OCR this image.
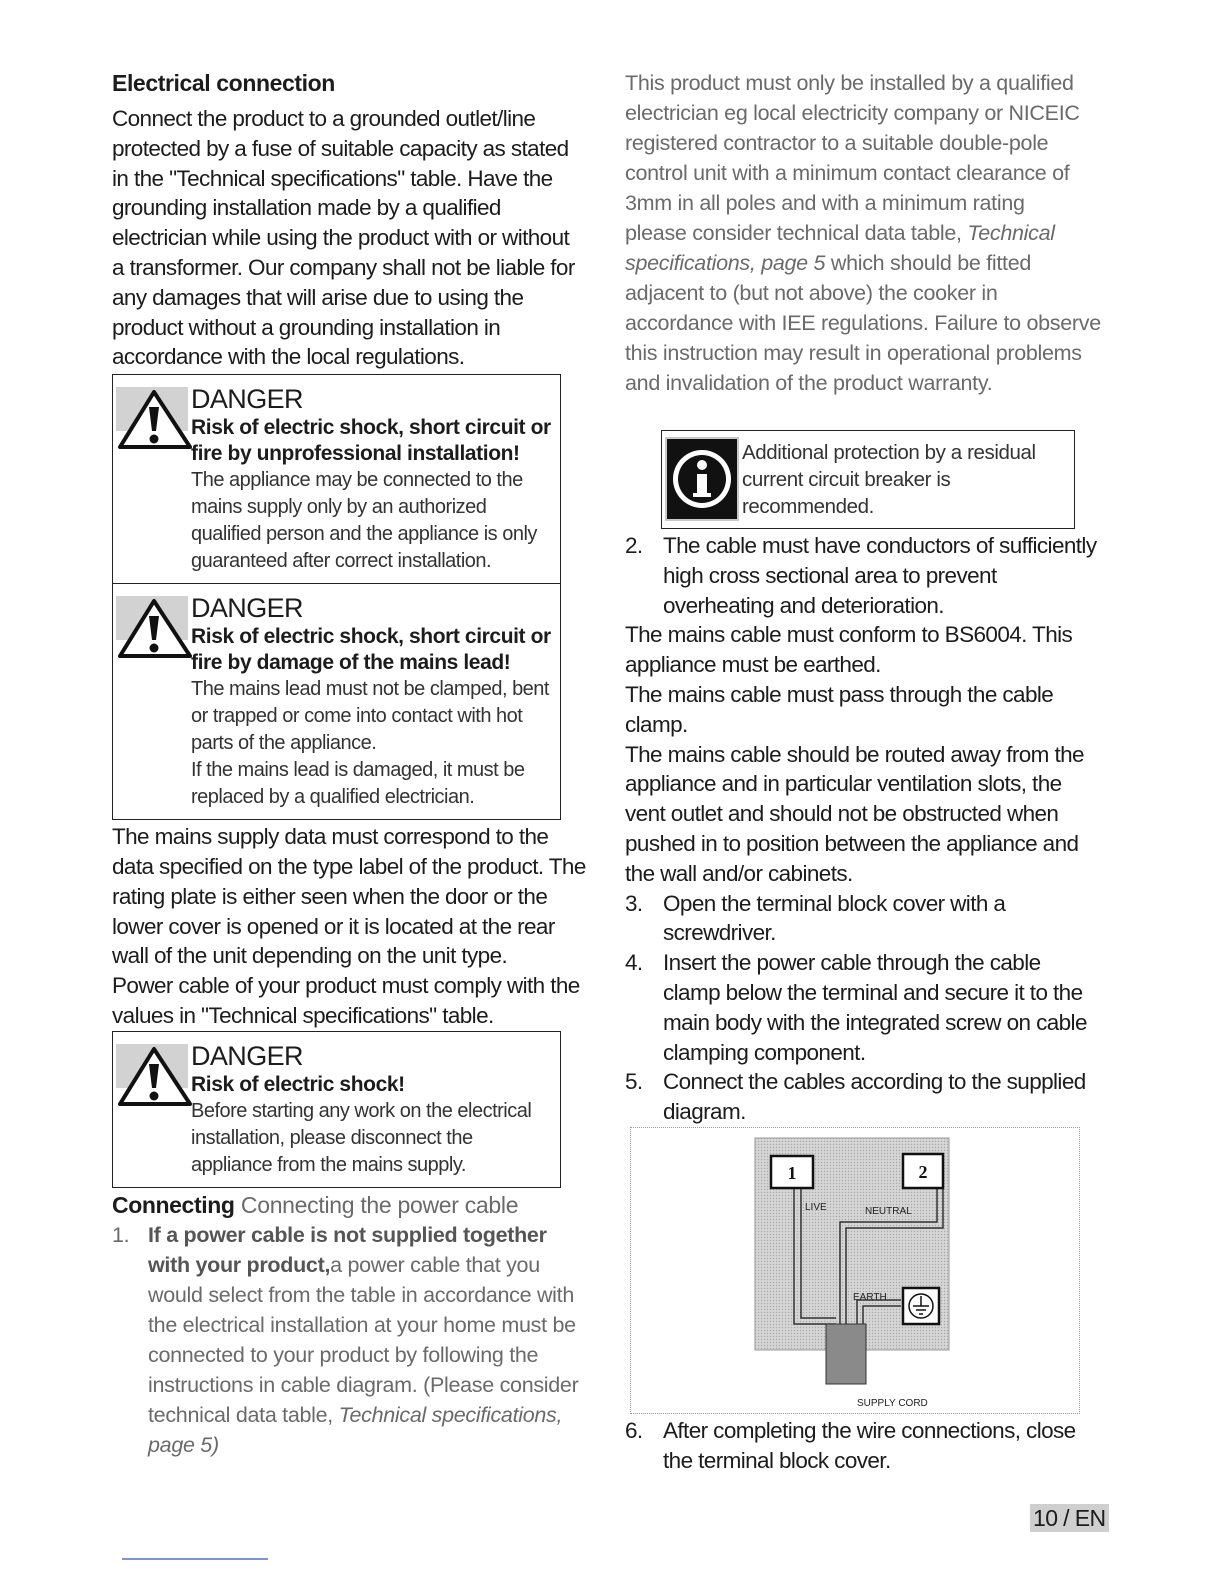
Electrical connection

Connect the product to a grounded outlet/line

protected by a fuse of suitable capacity as stated

in the "Technical specifications" table. Have the

grounding installation made by a qualified

electrician while using the product with or without

a transformer. Our company shall not be liable for

any damages that will arise due to using the

product without a grounding installation in

accordance with the local regulations.

DANGER
Risk of electric shock, short circuit or
fire by unprofessional installation!
The appliance may be connected to the
mains supply only by an authorized
qualified person and the appliance is only
guaranteed after correct installation.
DANGER
Risk of electric shock, short circuit or
fire by damage of the mains lead!
The mains lead must not be clamped, bent
or trapped or come into contact with hot
parts of the appliance.
If the mains lead is damaged, it must be
replaced by a qualified electrician.

The mains supply data must correspond to the

data specified on the type label of the product. The

rating plate is either seen when the door or the

lower cover is opened or it is located at the rear

wall of the unit depending on the unit type.

Power cable of your product must comply with the

values in "Technical specifications" table.

DANGER
Risk of electric shock!
Before starting any work on the electrical
installation, please disconnect the
appliance from the mains supply.
Connecting Connecting the power cable
1. If a power cable is not supplied together
with your product,a power cable that you
would select from the table in accordance with
the electrical installation at your home must be
connected to your product by following the
instructions in cable diagram. (Please consider
technical data table, Technical specifications,
page 5)
This product must only be installed by a qualified
electrician eg local electricity company or NICEIC
registered contractor to a suitable double-pole
control unit with a minimum contact clearance of
3mm in all poles and with a minimum rating
please consider technical data table, Technical
specifications, page 5 which should be fitted
adjacent to (but not above) the cooker in
accordance with IEE regulations. Failure to observe
this instruction may result in operational problems
and invalidation of the product warranty.
Additional protection by a residual
current circuit breaker is
recommended.
2. The cable must have conductors of sufficiently
high cross sectional area to prevent
overheating and deterioration.

The mains cable must conform to BS6004. This

appliance must be earthed.

The mains cable must pass through the cable

clamp.

The mains cable should be routed away from the

appliance and in particular ventilation slots, the

vent outlet and should not be obstructed when

pushed in to position between the appliance and

the wall and/or cabinets.

3. Open the terminal block cover with a
screwdriver.
4. Insert the power cable through the cable
clamp below the terminal and secure it to the
main body with the integrated screw on cable
clamping component.
5. Connect the cables according to the supplied
diagram.
1	2
LIVE	NEUTRAL
EARTH
SUPPLY CORD
6. After completing the wire connections, close
the terminal block cover.
10 / EN
